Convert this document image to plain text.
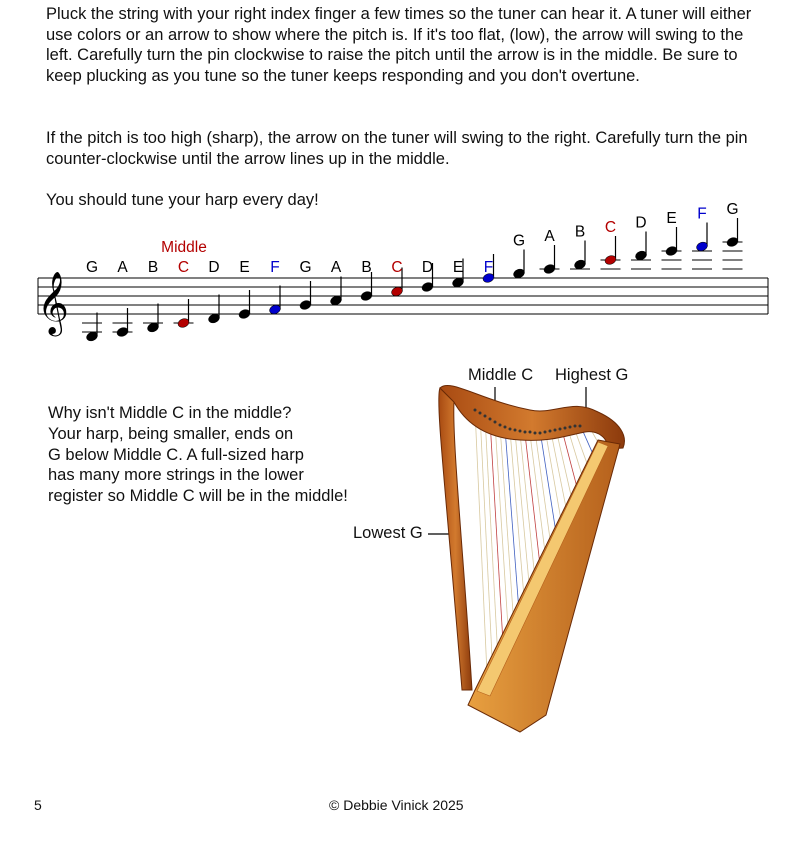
Pluck the string with your right index finger a few times so the tuner can hear it. A tuner will either use colors or an arrow to show where the pitch is. If it's too flat, (low), the arrow will swing to the left. Carefully turn the pin clockwise to raise the pitch until the arrow is in the middle. Be sure to keep plucking as you tune so the tuner keeps responding and you don't overtune.

If the pitch is too high (sharp), the arrow on the tuner will swing to the right. Carefully turn the pin counter-clockwise until the arrow lines up in the middle.

You should tune your harp every day!

𝄞
Middle
G A B C D E F G A B C D E F
G A B C D E F G
Why isn't Middle C in the middle?
Your harp, being smaller, ends on
G below Middle C. A full-sized harp
has many more strings in the lower
register so Middle C will be in the middle!
Middle C Highest G
Lowest G
5	© Debbie Vinick 2025
